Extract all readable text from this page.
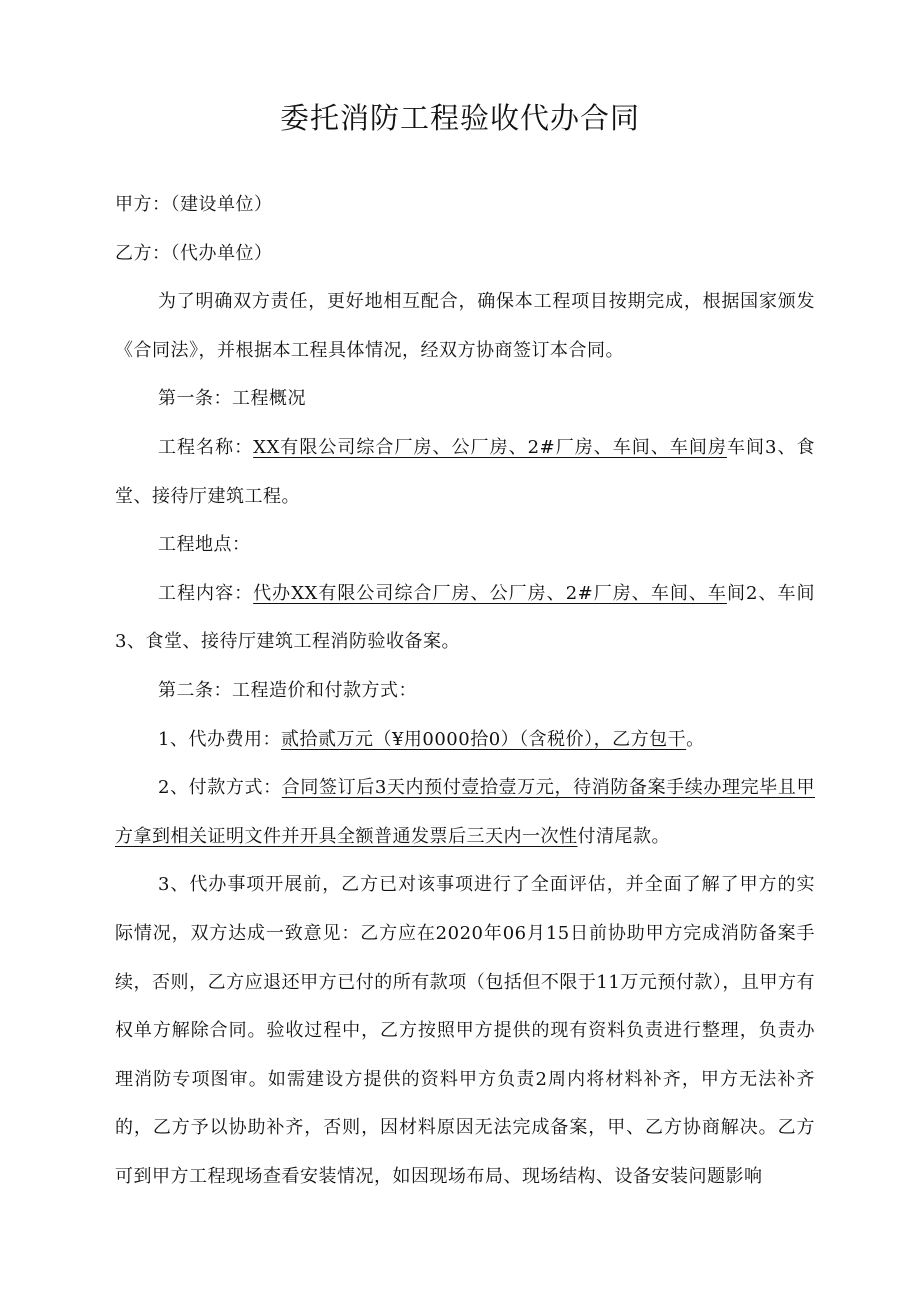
委托消防工程验收代办合同

甲方：（建设单位）

乙方：（代办单位）

为了明确双方责任，更好地相互配合，确保本工程项目按期完成，根据国家颁发《合同法》，并根据本工程具体情况，经双方协商签订本合同。

第一条：工程概况

工程名称：XX有限公司综合厂房、公厂房、2#厂房、车间、车间房车间3、食堂、接待厅建筑工程。

工程地点：

工程内容：代办XX有限公司综合厂房、公厂房、2#厂房、车间、车间2、车间3、食堂、接待厅建筑工程消防验收备案。

第二条：工程造价和付款方式：

1、代办费用：贰拾贰万元（¥用0000拾0）（含税价），乙方包干。

2、付款方式：合同签订后3天内预付壹拾壹万元，待消防备案手续办理完毕且甲方拿到相关证明文件并开具全额普通发票后三天内一次性付清尾款。

3、代办事项开展前，乙方已对该事项进行了全面评估，并全面了解了甲方的实际情况，双方达成一致意见：乙方应在2020年06月15日前协助甲方完成消防备案手续，否则，乙方应退还甲方已付的所有款项（包括但不限于11万元预付款），且甲方有权单方解除合同。验收过程中，乙方按照甲方提供的现有资料负责进行整理，负责办理消防专项图审。如需建设方提供的资料甲方负责2周内将材料补齐，甲方无法补齐的，乙方予以协助补齐，否则，因材料原因无法完成备案，甲、乙方协商解决。乙方可到甲方工程现场查看安装情况，如因现场布局、现场结构、设备安装问题影响
